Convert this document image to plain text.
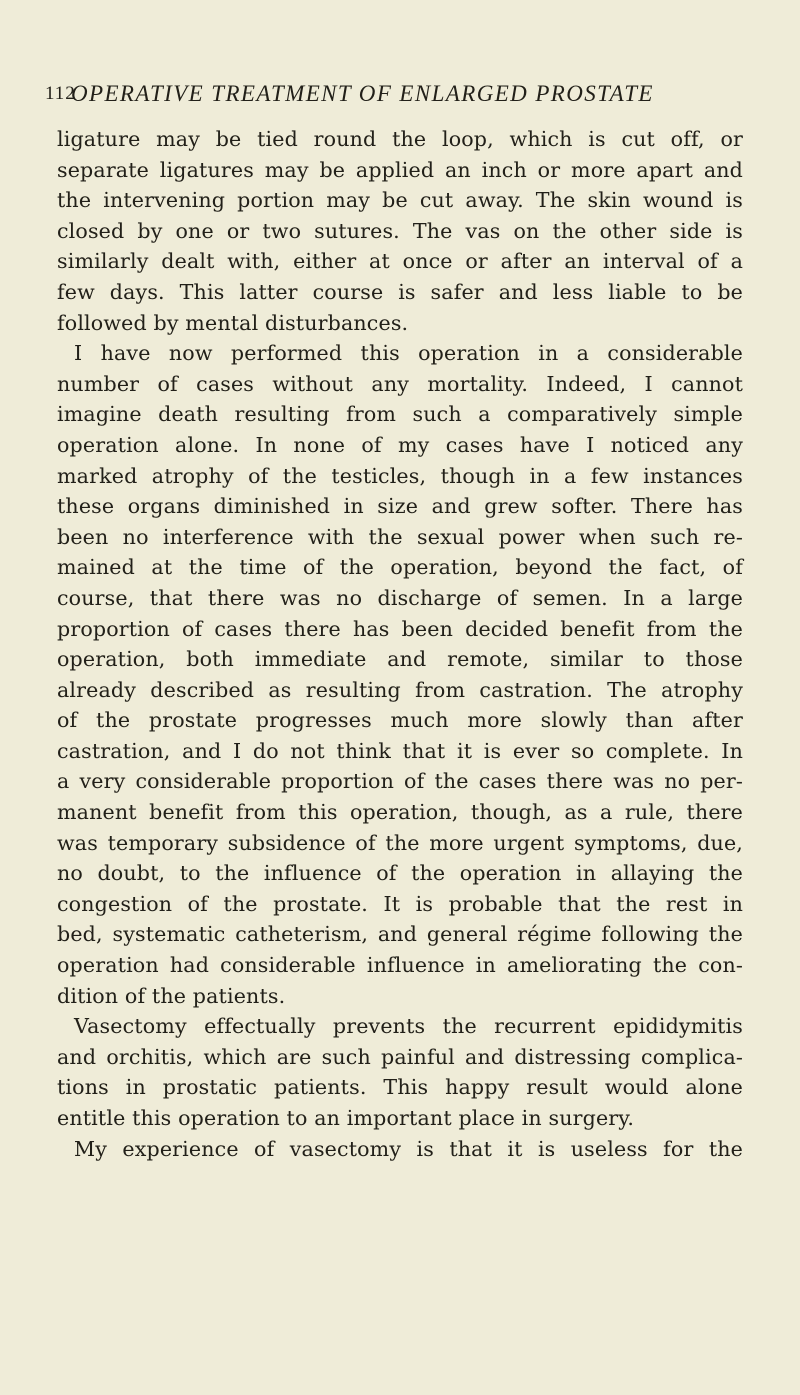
112
OPERATIVE TREATMENT OF ENLARGED PROSTATE
ligature may be tied round the loop, which is cut off, or
separate ligatures may be applied an inch or more apart and
the intervening portion may be cut away. The skin wound is
closed by one or two sutures. The vas on the other side is
similarly dealt with, either at once or after an interval of a
few days. This latter course is safer and less liable to be
followed by mental disturbances.
I have now performed this operation in a considerable
number of cases without any mortality. Indeed, I cannot
imagine death resulting from such a comparatively simple
operation alone. In none of my cases have I noticed any
marked atrophy of the testicles, though in a few instances
these organs diminished in size and grew softer. There has
been no interference with the sexual power when such re-
mained at the time of the operation, beyond the fact, of
course, that there was no discharge of semen. In a large
proportion of cases there has been decided benefit from the
operation, both immediate and remote, similar to those
already described as resulting from castration. The atrophy
of the prostate progresses much more slowly than after
castration, and I do not think that it is ever so complete. In
a very considerable proportion of the cases there was no per-
manent benefit from this operation, though, as a rule, there
was temporary subsidence of the more urgent symptoms, due,
no doubt, to the influence of the operation in allaying the
congestion of the prostate. It is probable that the rest in
bed, systematic catheterism, and general régime following the
operation had considerable influence in ameliorating the con-
dition of the patients.
Vasectomy effectually prevents the recurrent epididymitis
and orchitis, which are such painful and distressing complica-
tions in prostatic patients. This happy result would alone
entitle this operation to an important place in surgery.
My experience of vasectomy is that it is useless for the
